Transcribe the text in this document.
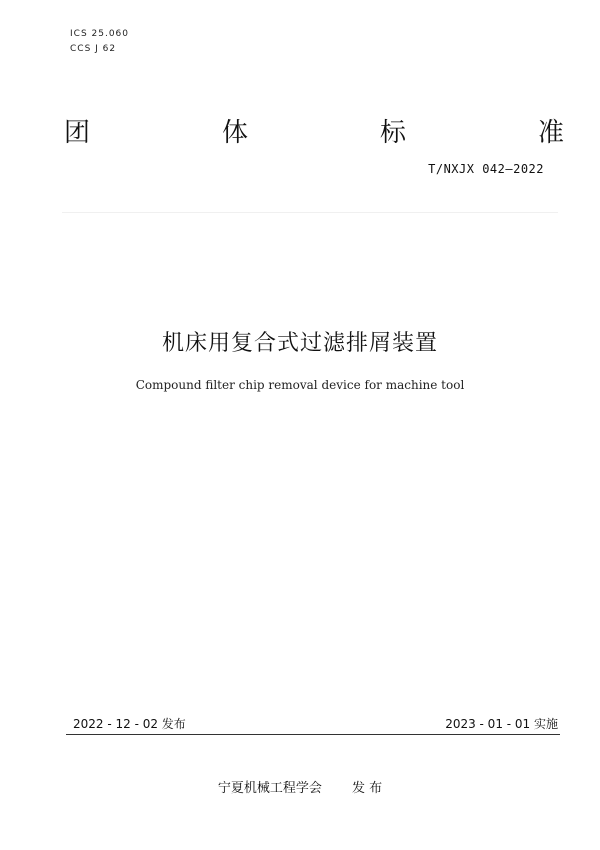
ICS 25.060
CCS J 62
团	体	标	准
T/NXJX 042—2022
机床用复合式过滤排屑装置
Compound filter chip removal device for machine tool
2022 - 12 - 02 发布	2023 - 01 - 01 实施
宁夏机械工程学会 发 布
